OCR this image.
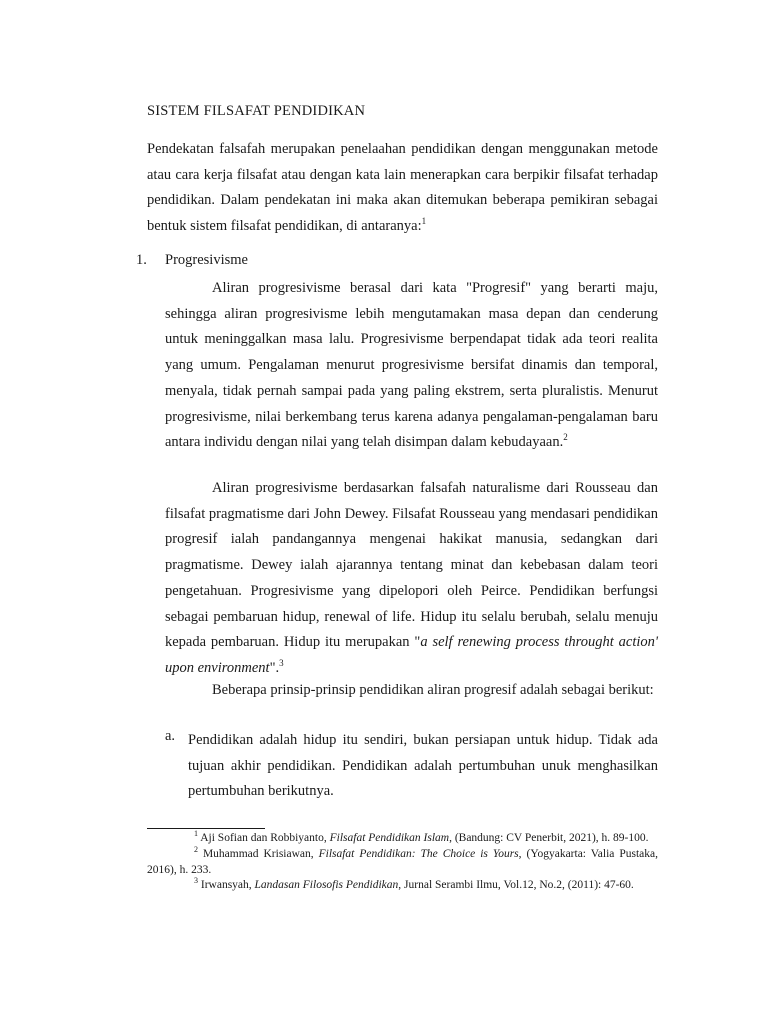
SISTEM FILSAFAT PENDIDIKAN

Pendekatan falsafah merupakan penelaahan pendidikan dengan menggunakan metode atau cara kerja filsafat atau dengan kata lain menerapkan cara berpikir filsafat terhadap pendidikan. Dalam pendekatan ini maka akan ditemukan beberapa pemikiran sebagai bentuk sistem filsafat pendidikan, di antaranya:$^1$

1. Progresivisme

Aliran progresivisme berasal dari kata "Progresif" yang berarti maju, sehingga aliran progresivisme lebih mengutamakan masa depan dan cenderung untuk meninggalkan masa lalu. Progresivisme berpendapat tidak ada teori realita yang umum. Pengalaman menurut progresivisme bersifat dinamis dan temporal, menyala, tidak pernah sampai pada yang paling ekstrem, serta pluralistis. Menurut progresivisme, nilai berkembang terus karena adanya pengalaman-pengalaman baru antara individu dengan nilai yang telah disimpan dalam kebudayaan.$^2$

Aliran progresivisme berdasarkan falsafah naturalisme dari Rousseau dan filsafat pragmatisme dari John Dewey. Filsafat Rousseau yang mendasari pendidikan progresif ialah pandangannya mengenai hakikat manusia, sedangkan dari pragmatisme. Dewey ialah ajarannya tentang minat dan kebebasan dalam teori pengetahuan. Progresivisme yang dipelopori oleh Peirce. Pendidikan berfungsi sebagai pembaruan hidup, renewal of life. Hidup itu selalu berubah, selalu menuju kepada pembaruan. Hidup itu merupakan "a self renewing process throught action' upon environment".$^3$

Beberapa prinsip-prinsip pendidikan aliran progresif adalah sebagai berikut:

a. Pendidikan adalah hidup itu sendiri, bukan persiapan untuk hidup. Tidak ada tujuan akhir pendidikan. Pendidikan adalah pertumbuhan unuk menghasilkan pertumbuhan berikutnya.

$^1$ Aji Sofian dan Robbiyanto, Filsafat Pendidikan Islam, (Bandung: CV Penerbit, 2021), h. 89-100.

$^2$ Muhammad Krisiawan, Filsafat Pendidikan: The Choice is Yours, (Yogyakarta: Valia Pustaka, 2016), h. 233.

$^3$ Irwansyah, Landasan Filosofis Pendidikan, Jurnal Serambi Ilmu, Vol.12, No.2, (2011): 47-60.
